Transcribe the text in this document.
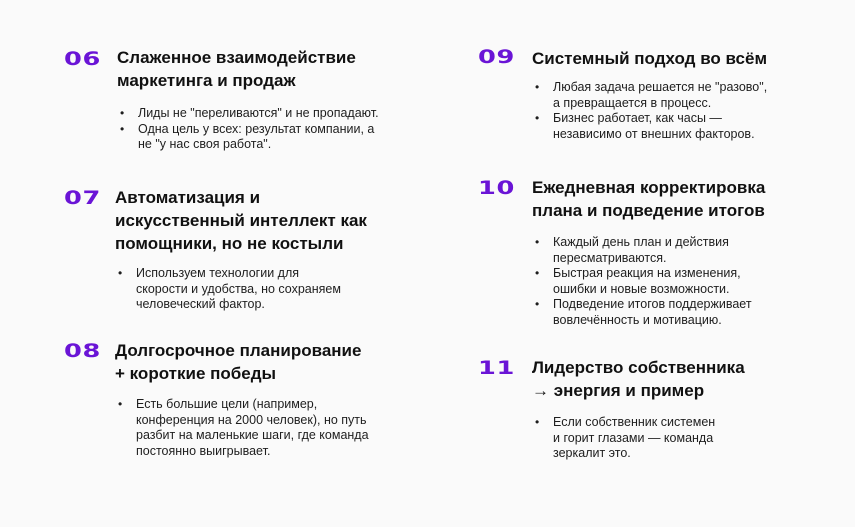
06 Слаженное взаимодействие
маркетинга и продаж
• Лиды не "переливаются" и не пропадают.
• Одна цель у всех: результат компании, а
не "у нас своя работа".
07 Автоматизация и
искусственный интеллект как
помощники, но не костыли
• Используем технологии для
скорости и удобства, но сохраняем
человеческий фактор.
08 Долгосрочное планирование
+ короткие победы
• Есть большие цели (например,
конференция на 2000 человек), но путь
разбит на маленькие шаги, где команда
постоянно выигрывает.
09 Системный подход во всём
• Любая задача решается не "разово",
а превращается в процесс.
• Бизнес работает, как часы —
независимо от внешних факторов.
10 Ежедневная корректировка
плана и подведение итогов
• Каждый день план и действия
пересматриваются.
• Быстрая реакция на изменения,
ошибки и новые возможности.
• Подведение итогов поддерживает
вовлечённость и мотивацию.
11 Лидерство собственника
→ энергия и пример
• Если собственник системен
и горит глазами — команда
зеркалит это.
